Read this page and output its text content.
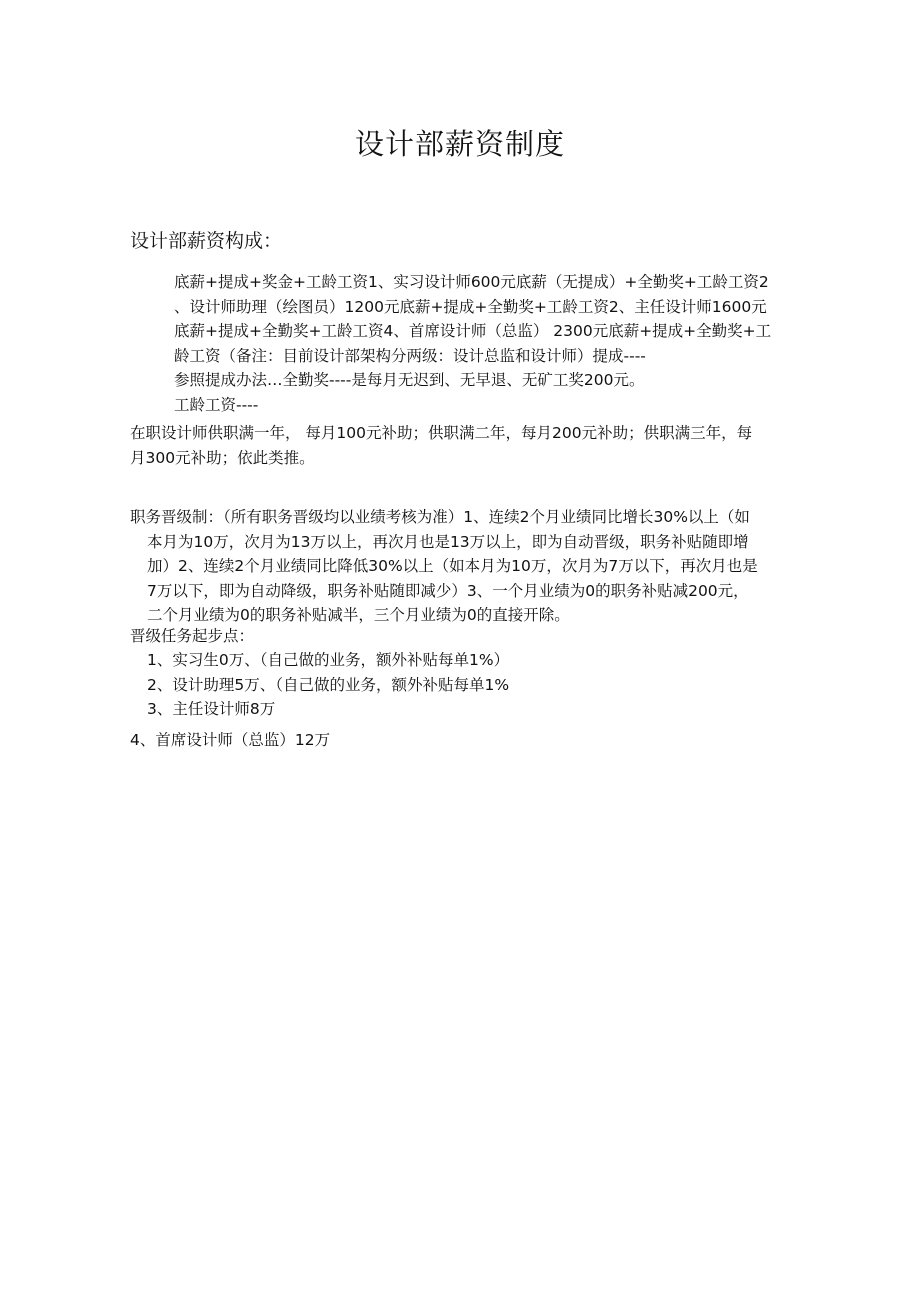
设计部薪资制度
设计部薪资构成：
底薪+提成+奖金+工龄工资1、实习设计师600元底薪（无提成）+全勤奖+工龄工资2
、设计师助理（绘图员）1200元底薪+提成+全勤奖+工龄工资2、主任设计师1600元
底薪+提成+全勤奖+工龄工资4、首席设计师（总监） 2300元底薪+提成+全勤奖+工
龄工资（备注：目前设计部架构分两级：设计总监和设计师）提成----
参照提成办法…全勤奖----是每月无迟到、无早退、无矿工奖200元。
工龄工资----
在职设计师供职满一年， 每月100元补助；供职满二年，每月200元补助；供职满三年，每
月300元补助；依此类推。
职务晋级制：（所有职务晋级均以业绩考核为准）1、连续2个月业绩同比增长30%以上（如
本月为10万，次月为13万以上，再次月也是13万以上，即为自动晋级，职务补贴随即增
加）2、连续2个月业绩同比降低30%以上（如本月为10万，次月为7万以下，再次月也是
7万以下，即为自动降级，职务补贴随即减少）3、一个月业绩为0的职务补贴减200元，
二个月业绩为0的职务补贴减半，三个月业绩为0的直接开除。
晋级任务起步点：
1、实习生0万、（自己做的业务，额外补贴每单1%）
2、设计助理5万、（自己做的业务，额外补贴每单1%
3、主任设计师8万
4、首席设计师（总监）12万
